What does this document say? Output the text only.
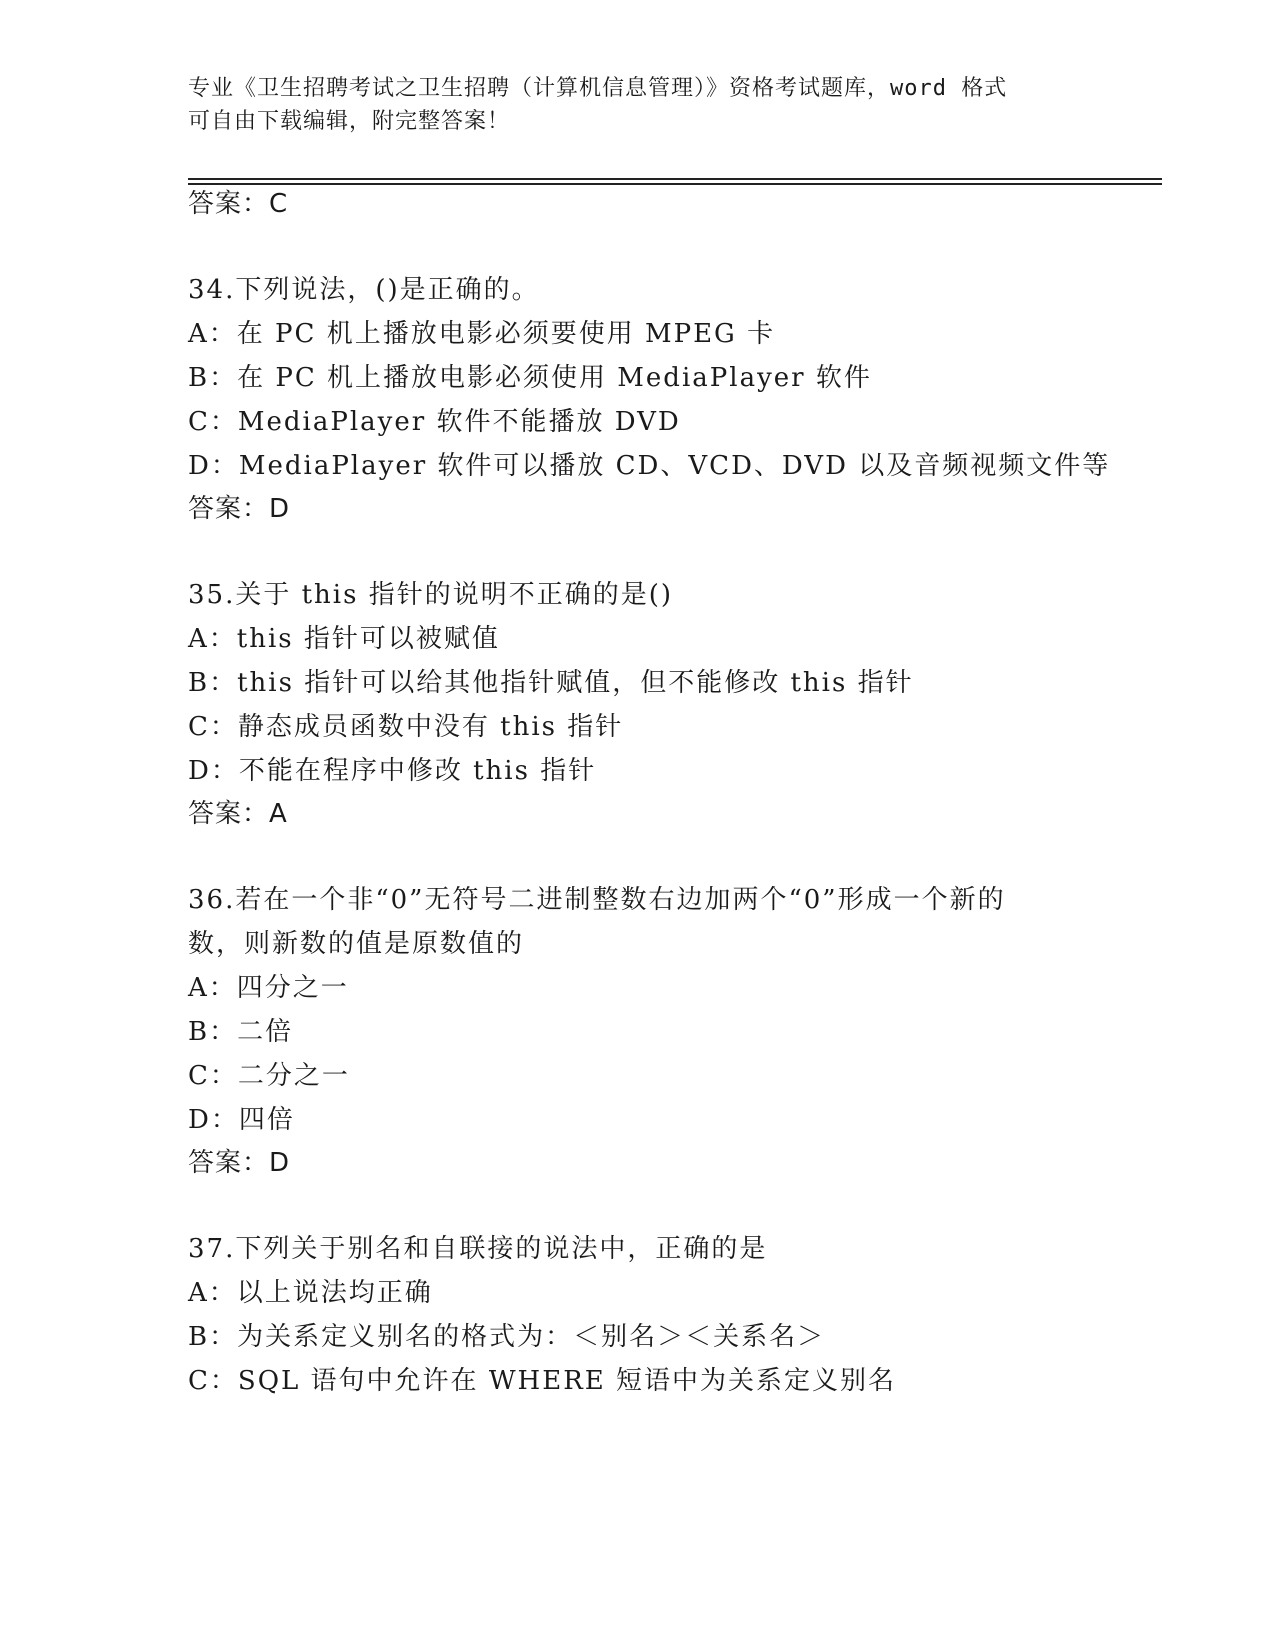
专业《卫生招聘考试之卫生招聘（计算机信息管理）》资格考试题库，word 格式
可自由下载编辑，附完整答案！
答案：C
34.下列说法，()是正确的。
A：在 PC 机上播放电影必须要使用 MPEG 卡
B：在 PC 机上播放电影必须使用 MediaPlayer 软件
C：MediaPlayer 软件不能播放 DVD
D：MediaPlayer 软件可以播放 CD、VCD、DVD 以及音频视频文件等
答案：D
35.关于 this 指针的说明不正确的是()
A：this 指针可以被赋值
B：this 指针可以给其他指针赋值，但不能修改 this 指针
C：静态成员函数中没有 this 指针
D：不能在程序中修改 this 指针
答案：A
36.若在一个非“0”无符号二进制整数右边加两个“0”形成一个新的
数，则新数的值是原数值的
A：四分之一
B：二倍
C：二分之一
D：四倍
答案：D
37.下列关于别名和自联接的说法中，正确的是
A：以上说法均正确
B：为关系定义别名的格式为：＜别名＞＜关系名＞
C：SQL 语句中允许在 WHERE 短语中为关系定义别名
